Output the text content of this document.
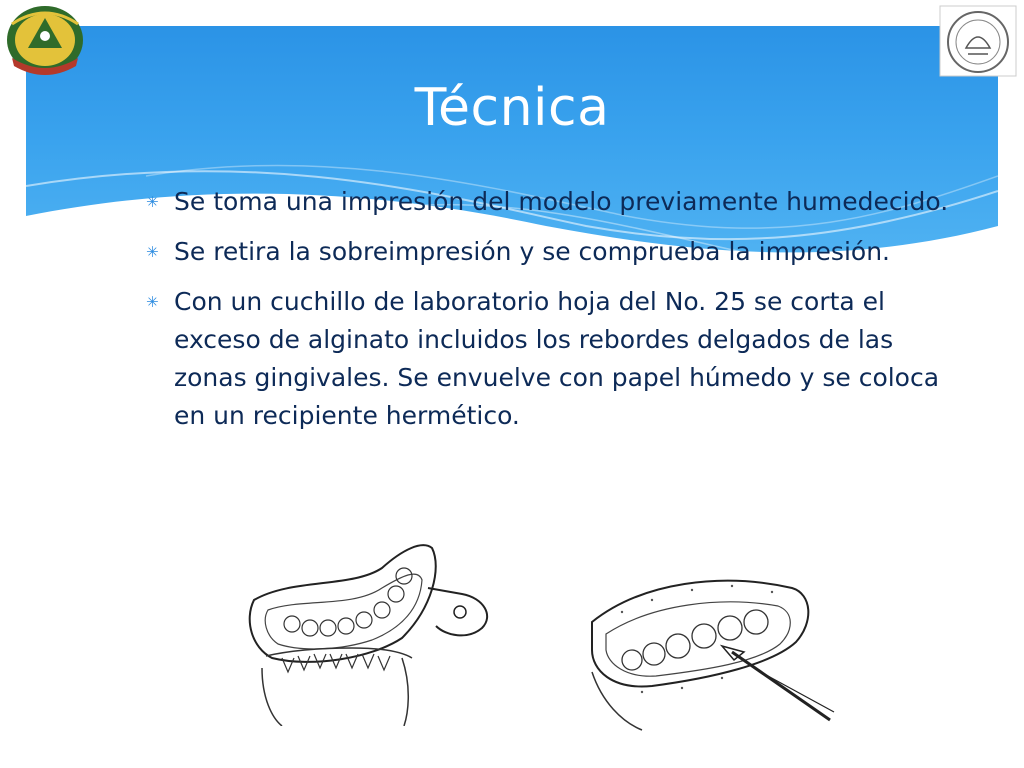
Técnica
✳ Se toma una impresión del modelo previamente humedecido.
✳ Se retira la sobreimpresión y se comprueba la impresión.
✳ Con un cuchillo de laboratorio hoja del No. 25 se corta el exceso de alginato incluidos los rebordes delgados de las zonas gingivales. Se envuelve con papel húmedo y se coloca en un recipiente hermético.
